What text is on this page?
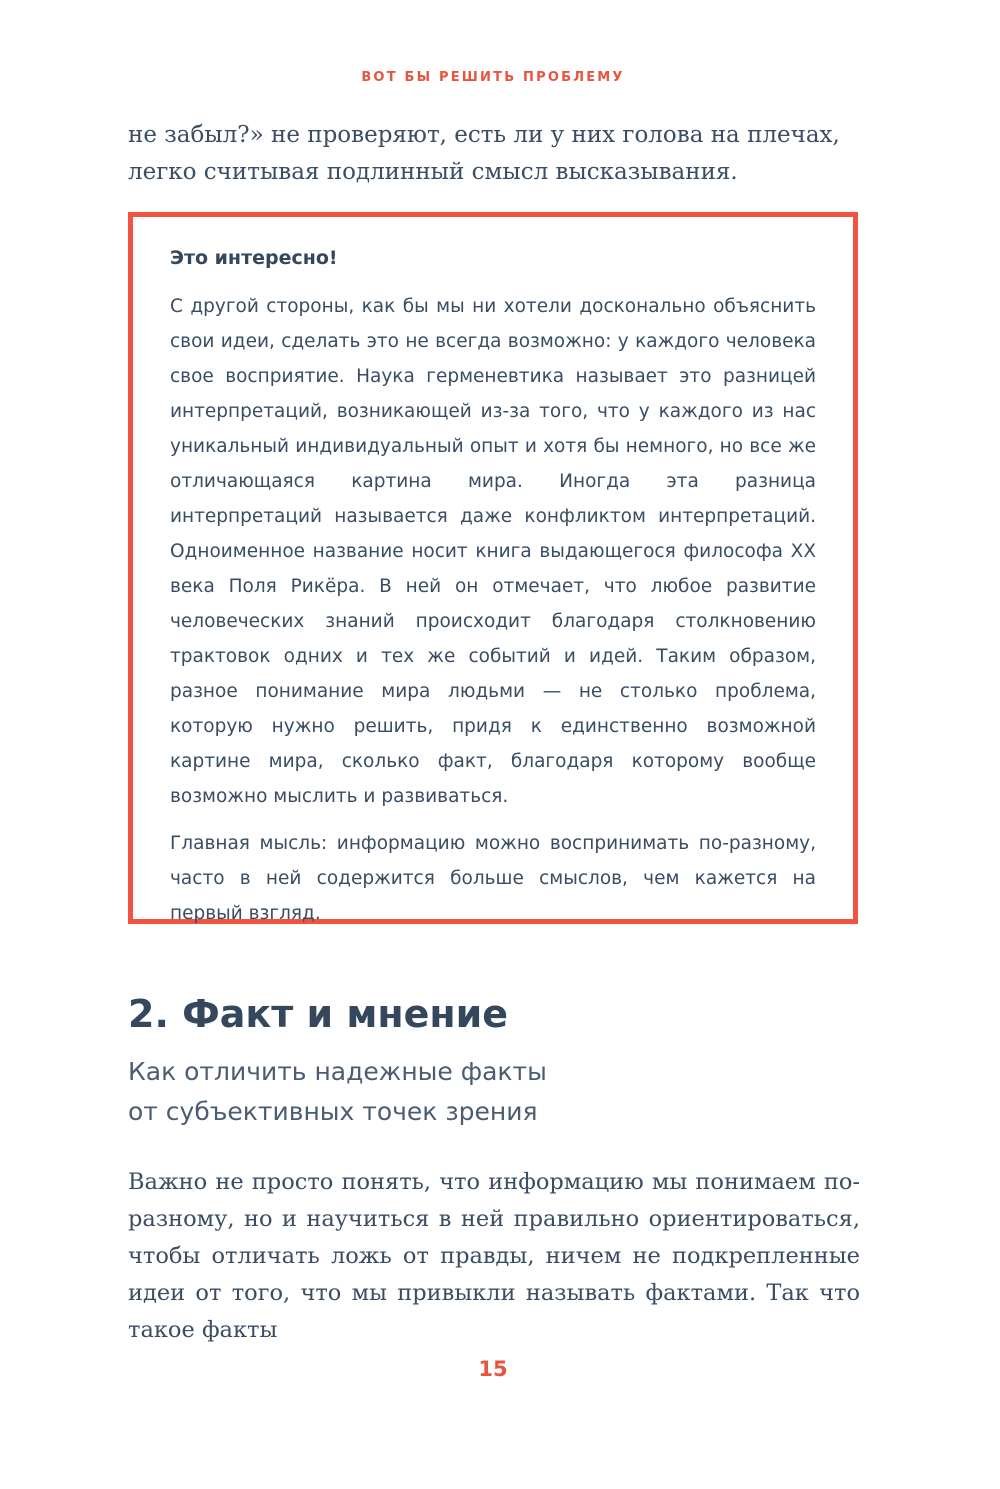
ВОТ БЫ РЕШИТЬ ПРОБЛЕМУ

не забыл?» не проверяют, есть ли у них голова на плечах, легко считывая подлинный смысл высказывания.

Это интересно!

С другой стороны, как бы мы ни хотели досконально объяснить свои идеи, сделать это не всегда возможно: у каждого человека свое восприятие. Наука герменевтика называет это разницей интерпретаций, возникающей из-за того, что у каждого из нас уникальный индивидуальный опыт и хотя бы немного, но все же отличающаяся картина мира. Иногда эта разница интерпретаций называется даже конфликтом интерпретаций. Одноименное название носит книга выдающегося философа XX века Поля Рикёра. В ней он отмечает, что любое развитие человеческих знаний происходит благодаря столкновению трактовок одних и тех же событий и идей. Таким образом, разное понимание мира людьми — не столько проблема, которую нужно решить, придя к единственно возможной картине мира, сколько факт, благодаря которому вообще возможно мыслить и развиваться.

Главная мысль: информацию можно воспринимать по-разному, часто в ней содержится больше смыслов, чем кажется на первый взгляд.

2. Факт и мнение
Как отличить надежные факты
от субъективных точек зрения

Важно не просто понять, что информацию мы понимаем по-разному, но и научиться в ней правильно ориентироваться, чтобы отличать ложь от правды, ничем не подкрепленные идеи от того, что мы привыкли называть фактами. Так что такое факты

15
